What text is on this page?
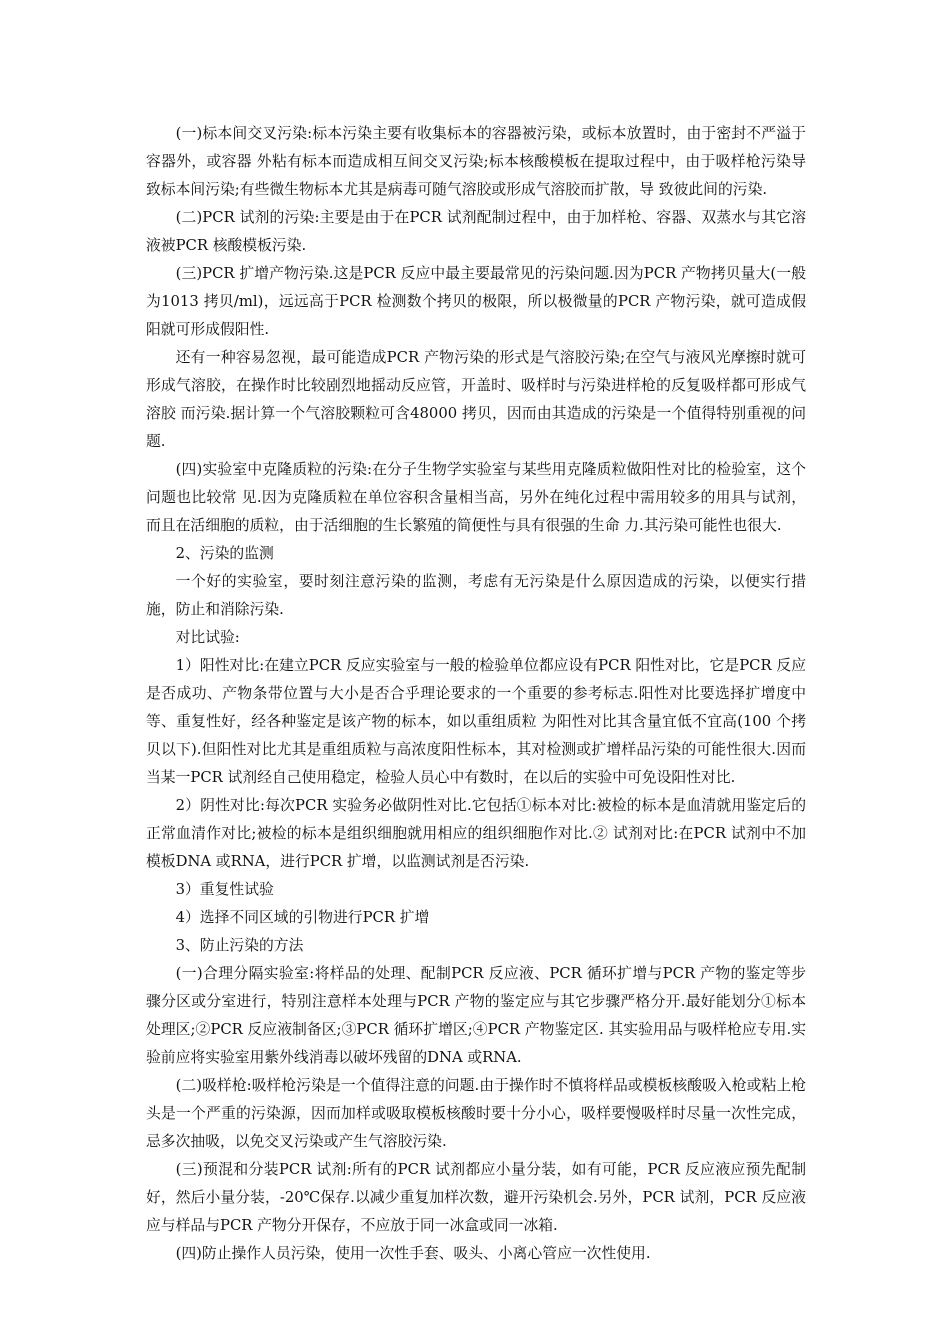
(一)标本间交叉污染:标本污染主要有收集标本的容器被污染，或标本放置时，由于密封不严溢于容器外，或容器 外粘有标本而造成相互间交叉污染;标本核酸模板在提取过程中，由于吸样枪污染导致标本间污染;有些微生物标本尤其是病毒可随气溶胶或形成气溶胶而扩散，导 致彼此间的污染.

(二)PCR 试剂的污染:主要是由于在PCR 试剂配制过程中，由于加样枪、容器、双蒸水与其它溶液被PCR 核酸模板污染.

(三)PCR 扩增产物污染.这是PCR 反应中最主要最常见的污染问题.因为PCR 产物拷贝量大(一般为1013 拷贝/ml)，远远高于PCR 检测数个拷贝的极限，所以极微量的PCR 产物污染，就可造成假阳就可形成假阳性.

还有一种容易忽视，最可能造成PCR 产物污染的形式是气溶胶污染;在空气与液风光摩擦时就可形成气溶胶，在操作时比较剧烈地摇动反应管，开盖时、吸样时与污染进样枪的反复吸样都可形成气溶胶 而污染.据计算一个气溶胶颗粒可含48000 拷贝，因而由其造成的污染是一个值得特别重视的问题.

(四)实验室中克隆质粒的污染:在分子生物学实验室与某些用克隆质粒做阳性对比的检验室，这个问题也比较常 见.因为克隆质粒在单位容积含量相当高，另外在纯化过程中需用较多的用具与试剂，而且在活细胞的质粒，由于活细胞的生长繁殖的简便性与具有很强的生命 力.其污染可能性也很大.

2、污染的监测

一个好的实验室，要时刻注意污染的监测，考虑有无污染是什么原因造成的污染，以便实行措施，防止和消除污染.

对比试验:

1）阳性对比:在建立PCR 反应实验室与一般的检验单位都应设有PCR 阳性对比，它是PCR 反应是否成功、产物条带位置与大小是否合乎理论要求的一个重要的参考标志.阳性对比要选择扩增度中等、重复性好，经各种鉴定是该产物的标本，如以重组质粒 为阳性对比其含量宜低不宜高(100 个拷贝以下).但阳性对比尤其是重组质粒与高浓度阳性标本，其对检测或扩增样品污染的可能性很大.因而当某一PCR 试剂经自己使用稳定，检验人员心中有数时，在以后的实验中可免设阳性对比.

2）阴性对比:每次PCR 实验务必做阴性对比.它包括①标本对比:被检的标本是血清就用鉴定后的正常血清作对比;被检的标本是组织细胞就用相应的组织细胞作对比.② 试剂对比:在PCR 试剂中不加模板DNA 或RNA，进行PCR 扩增，以监测试剂是否污染.

3）重复性试验

4）选择不同区域的引物进行PCR 扩增

3、防止污染的方法

(一)合理分隔实验室:将样品的处理、配制PCR 反应液、PCR 循环扩增与PCR 产物的鉴定等步骤分区或分室进行，特别注意样本处理与PCR 产物的鉴定应与其它步骤严格分开.最好能划分①标本处理区;②PCR 反应液制备区;③PCR 循环扩增区;④PCR 产物鉴定区. 其实验用品与吸样枪应专用.实验前应将实验室用紫外线消毒以破坏残留的DNA 或RNA.

(二)吸样枪:吸样枪污染是一个值得注意的问题.由于操作时不慎将样品或模板核酸吸入枪或粘上枪头是一个严重的污染源，因而加样或吸取模板核酸时要十分小心，吸样要慢吸样时尽量一次性完成，忌多次抽吸，以免交叉污染或产生气溶胶污染.

(三)预混和分装PCR 试剂:所有的PCR 试剂都应小量分装，如有可能，PCR 反应液应预先配制好，然后小量分装，-20℃保存.以减少重复加样次数，避开污染机会.另外，PCR 试剂，PCR 反应液应与样品与PCR 产物分开保存，不应放于同一冰盒或同一冰箱.

(四)防止操作人员污染，使用一次性手套、吸头、小离心管应一次性使用.
